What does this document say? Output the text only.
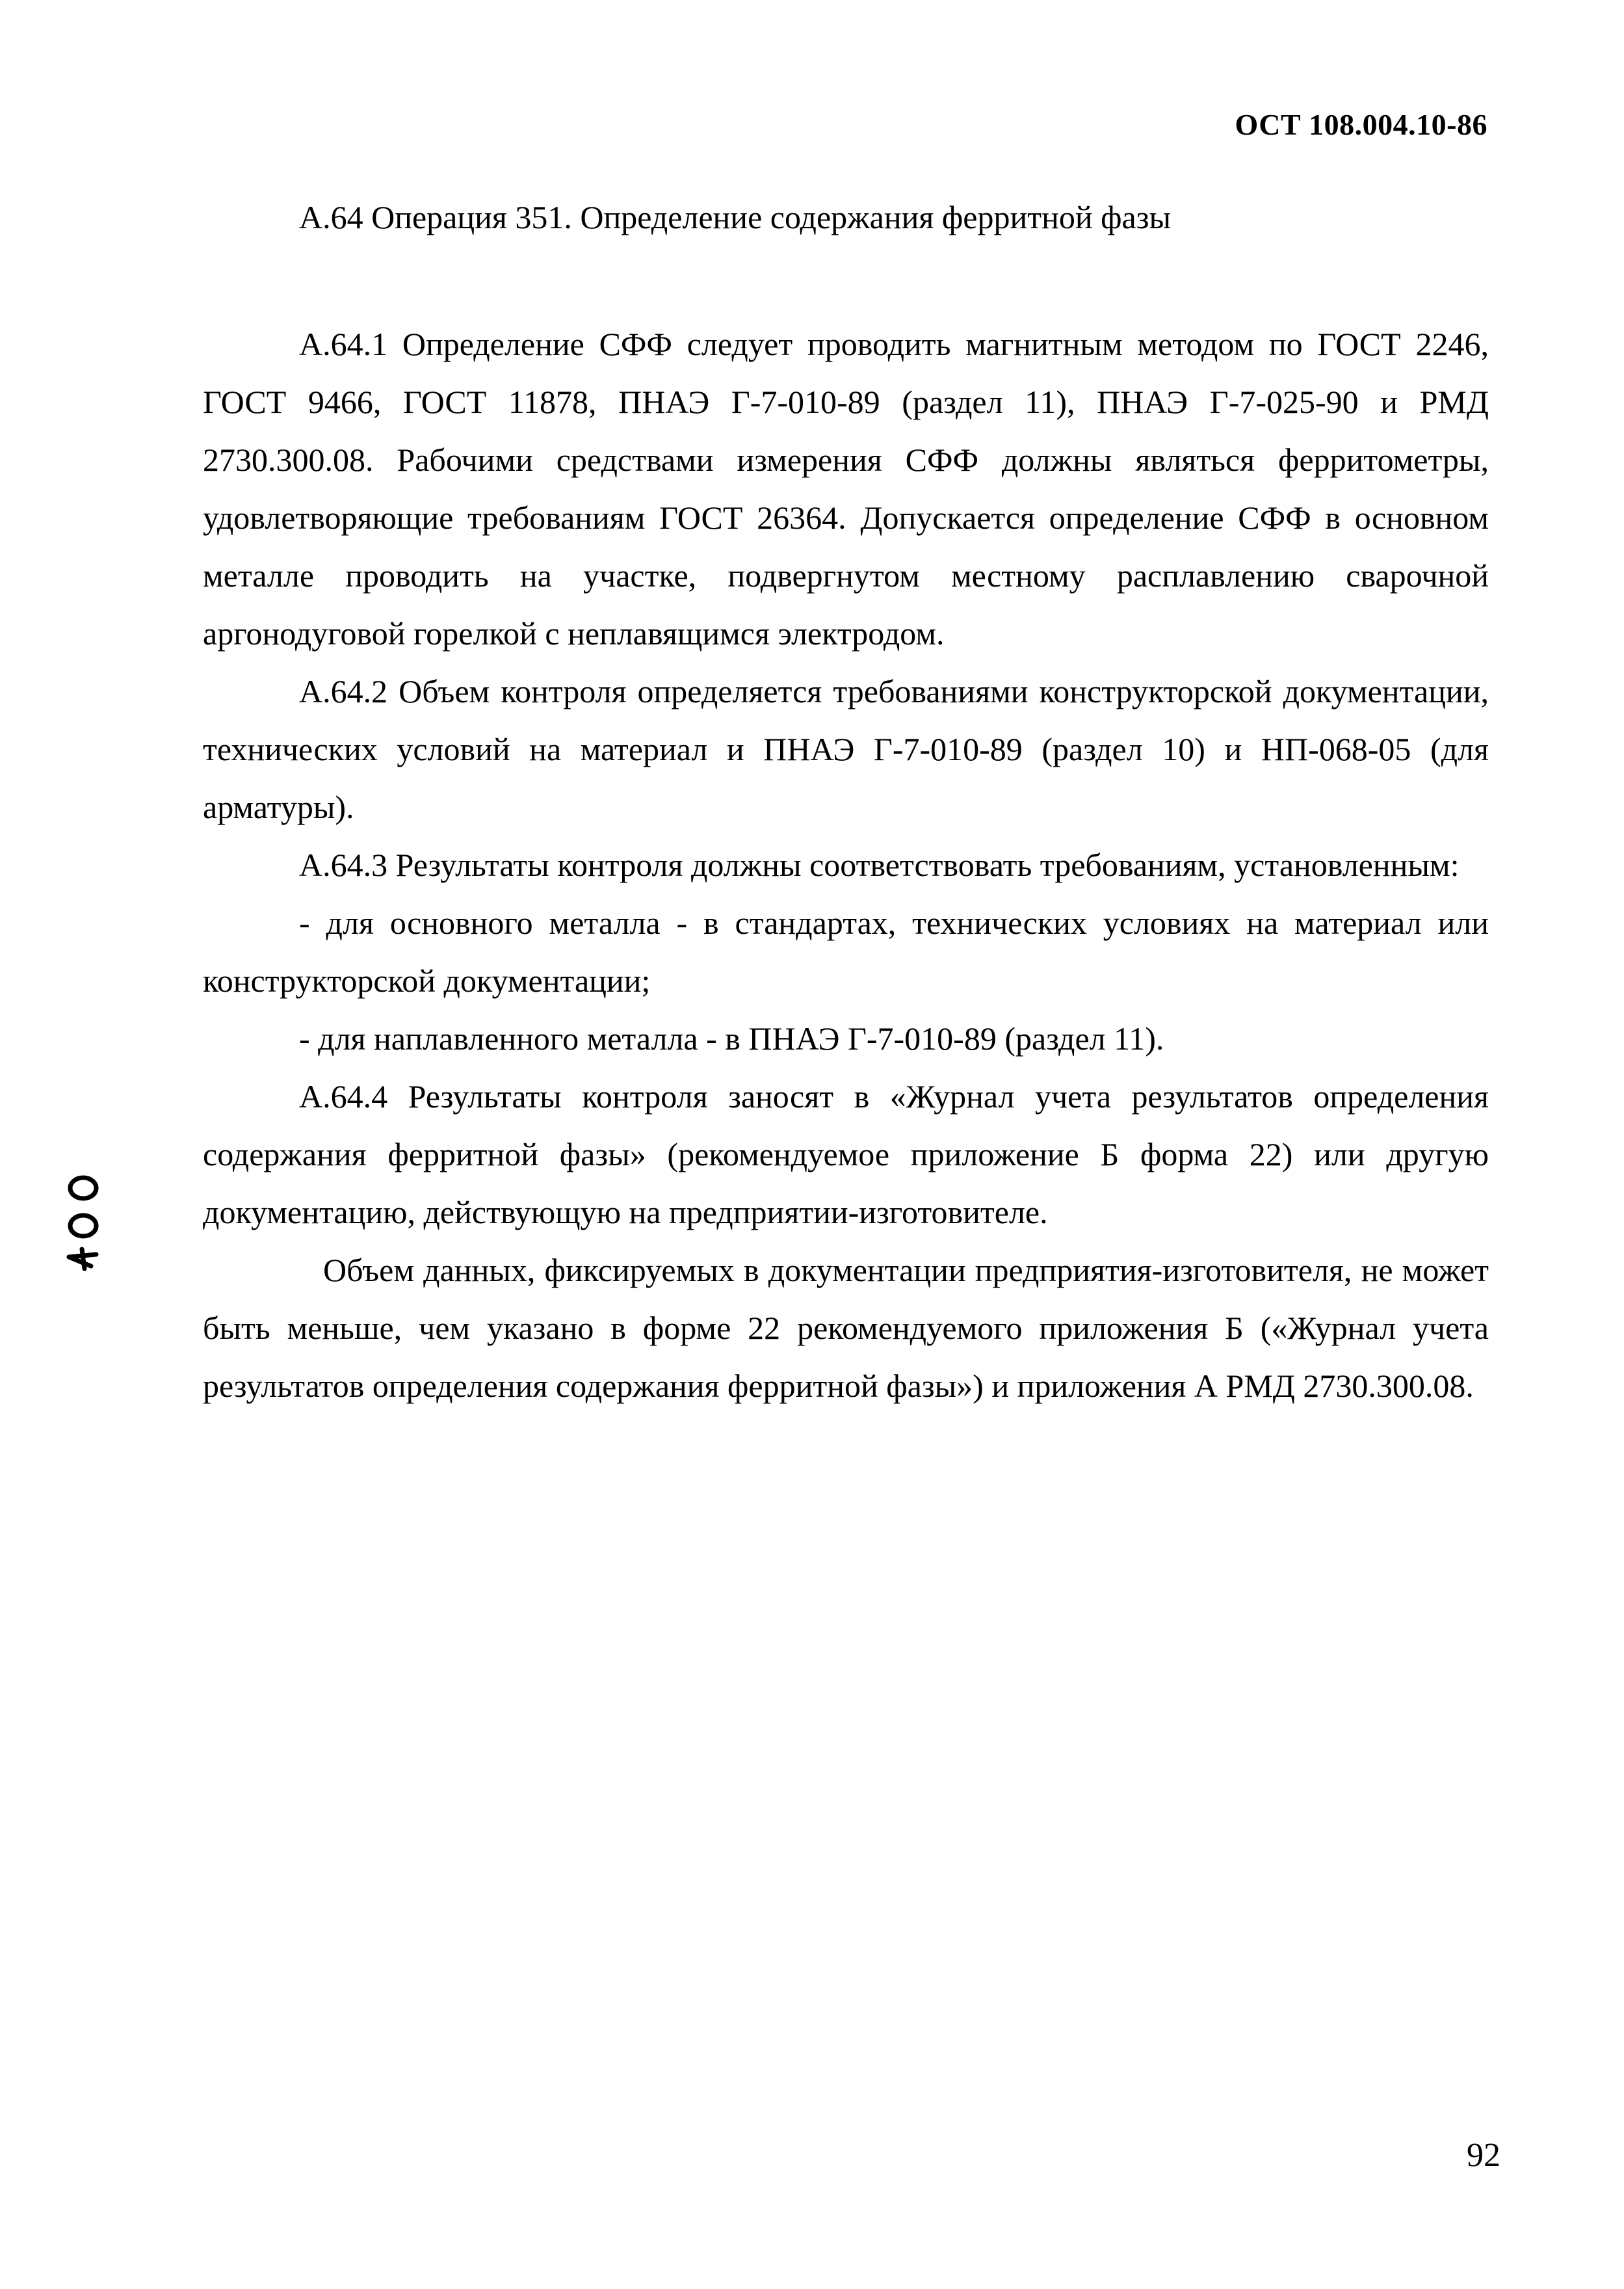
ОСТ 108.004.10-86
А.64 Операция 351. Определение содержания ферритной фазы

А.64.1 Определение СФФ следует проводить магнитным методом по ГОСТ 2246, ГОСТ 9466, ГОСТ 11878, ПНАЭ Г-7-010-89 (раздел 11), ПНАЭ Г-7-025-90 и РМД 2730.300.08. Рабочими средствами измерения СФФ должны являться ферритометры, удовлетворяющие требованиям ГОСТ 26364. Допускается определение СФФ в основном металле проводить на участке, подвергнутом местному расплавлению сварочной аргонодуговой горелкой с неплавящимся электродом.

А.64.2 Объем контроля определяется требованиями конструкторской документации, технических условий на материал и ПНАЭ Г-7-010-89 (раздел 10) и НП-068-05 (для арматуры).

А.64.3 Результаты контроля должны соответствовать требованиям, установленным:

- для основного металла - в стандартах, технических условиях на материал или конструкторской документации;

- для наплавленного металла - в ПНАЭ Г-7-010-89 (раздел 11).

А.64.4 Результаты контроля заносят в «Журнал учета результатов определения содержания ферритной фазы» (рекомендуемое приложение Б форма 22) или другую документацию, действующую на предприятии-изготовителе.

Объем данных, фиксируемых в документации предприятия-изготовителя, не может быть меньше, чем указано в форме 22 рекомендуемого приложения Б («Журнал учета результатов определения содержания ферритной фазы») и приложения А РМД 2730.300.08.

92
